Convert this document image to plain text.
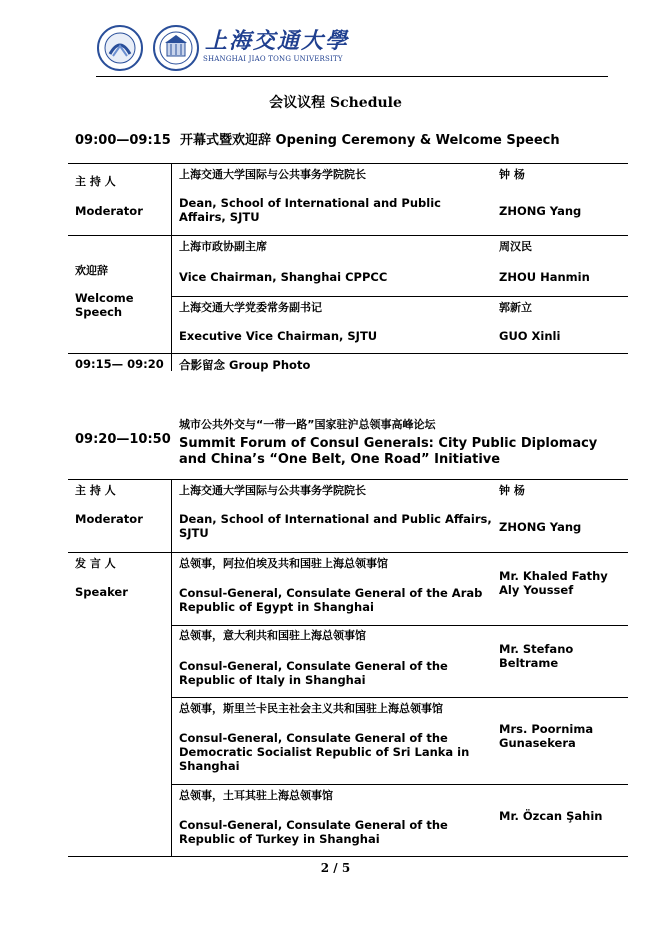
上海交通大學
SHANGHAI JIAO TONG UNIVERSITY
会议议程 Schedule
09:00—09:15 开幕式暨欢迎辞 Opening Ceremony & Welcome Speech
主 持 人
Moderator
上海交通大学国际与公共事务学院院长
Dean, School of International and Public Affairs, SJTU
钟 杨
ZHONG Yang
欢迎辞
Welcome Speech
上海市政协副主席
Vice Chairman, Shanghai CPPCC
周汉民
ZHOU Hanmin
上海交通大学党委常务副书记
Executive Vice Chairman, SJTU
郭新立
GUO Xinli
09:15— 09:20 合影留念 Group Photo
城市公共外交与“一带一路”国家驻沪总领事高峰论坛
09:20—10:50 Summit Forum of Consul Generals: City Public Diplomacy and China’s “One Belt, One Road” Initiative
主 持 人
Moderator
上海交通大学国际与公共事务学院院长
Dean, School of International and Public Affairs, SJTU
钟 杨
ZHONG Yang
发 言 人
Speaker
总领事，阿拉伯埃及共和国驻上海总领事馆
Consul-General, Consulate General of the Arab Republic of Egypt in Shanghai
Mr. Khaled Fathy Aly Youssef
总领事，意大利共和国驻上海总领事馆
Consul-General, Consulate General of the Republic of Italy in Shanghai
Mr. Stefano Beltrame
总领事，斯里兰卡民主社会主义共和国驻上海总领事馆
Consul-General, Consulate General of the Democratic Socialist Republic of Sri Lanka in Shanghai
Mrs. Poornima Gunasekera
总领事，土耳其驻上海总领事馆
Consul-General, Consulate General of the Republic of Turkey in Shanghai
Mr. Özcan Şahin
2 / 5
